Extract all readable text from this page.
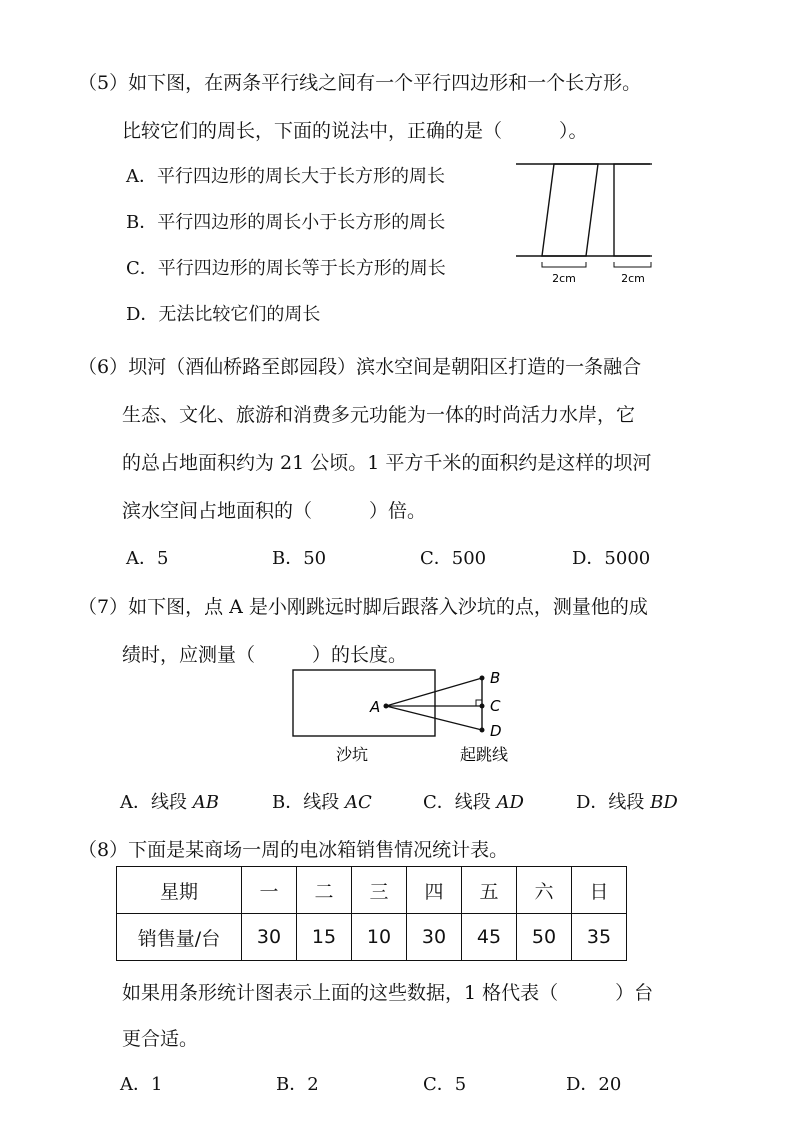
（5）如下图，在两条平行线之间有一个平行四边形和一个长方形。
比较它们的周长，下面的说法中，正确的是（　　　）。
A．平行四边形的周长大于长方形的周长
B．平行四边形的周长小于长方形的周长
C．平行四边形的周长等于长方形的周长
D．无法比较它们的周长
2cm	2cm
（6）坝河（酒仙桥路至郎园段）滨水空间是朝阳区打造的一条融合
生态、文化、旅游和消费多元功能为一体的时尚活力水岸，它
的总占地面积约为 21 公顷。1 平方千米的面积约是这样的坝河
滨水空间占地面积的（　　　）倍。
A．5	B．50	C．500	D．5000
（7）如下图，点 A 是小刚跳远时脚后跟落入沙坑的点，测量他的成
绩时，应测量（　　　）的长度。
A
B
C
D
沙坑	起跳线
A．线段 AB	B．线段 AC	C．线段 AD	D．线段 BD
（8）下面是某商场一周的电冰箱销售情况统计表。
星期	一	二	三	四	五	六	日
销售量/台	30	15	10	30	45	50	35
如果用条形统计图表示上面的这些数据，1 格代表（　　　）台
更合适。
A．1	B．2	C．5	D．20
